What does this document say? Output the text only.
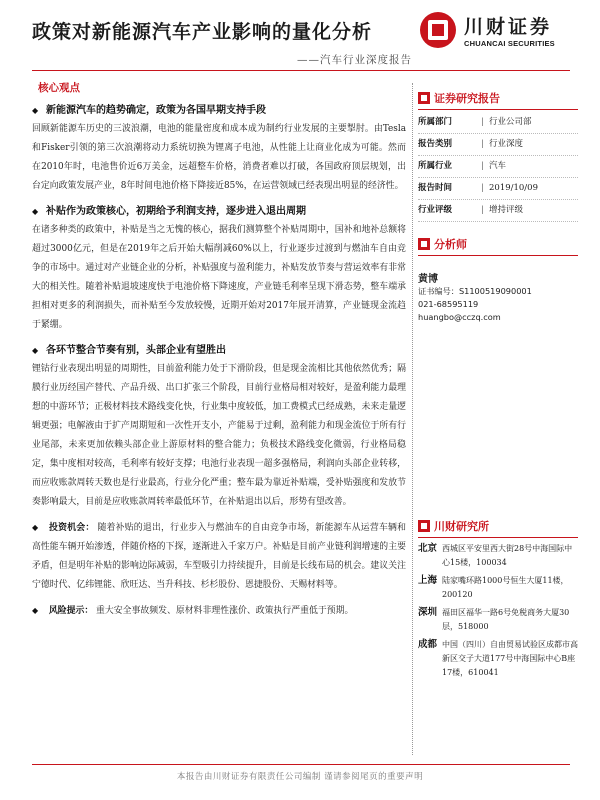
政策对新能源汽车产业影响的量化分析
——汽车行业深度报告
川财证券
CHUANCAI SECURITIES
核心观点
◆ 新能源汽车的趋势确定，政策为各国早期支持手段
回顾新能源车历史的三波浪潮，电池的能量密度和成本成为制约行业发展的主要掣肘。由Tesla和Fisker引领的第三次浪潮将动力系统切换为锂离子电池，从性能上让商业化成为可能。然而在2010年时，电池售价近6万美金，远超整车价格，消费者难以打破，各国政府顶层规划，出台定向政策发展产业，8年时间电池价格下降接近85%，在运营领域已经表现出明显的经济性。
◆ 补贴作为政策核心，初期给予利润支持，逐步进入退出周期
在诸多种类的政策中，补贴是当之无愧的核心，据我们测算整个补贴周期中，国补和地补总额将超过3000亿元，但是在2019年之后开始大幅削减60%以上，行业逐步过渡到与燃油车自由竞争的市场中。通过对产业链企业的分析，补贴强度与盈利能力，补贴发放节奏与营运效率有非常大的相关性。随着补贴退坡速度快于电池价格下降速度，产业链毛利率呈现下滑态势，整车端承担相对更多的利润损失，而补贴至今发放较慢，近期开始对2017年展开清算，产业链现金流趋于紧绷。
◆ 各环节整合节奏有别，头部企业有望胜出
锂钴行业表现出明显的周期性，目前盈利能力处于下滑阶段，但是现金流相比其他依然优秀；隔膜行业历经国产替代、产品升级、出口扩张三个阶段，目前行业格局相对较好，是盈利能力最理想的中游环节；正极材料技术路线变化快，行业集中度较低，加工费模式已经成熟，未来走量逻辑更强；电解液由于扩产周期短和一次性开支小，产能易于过剩，盈利能力和现金流位于所有行业尾部，未来更加依赖头部企业上游原材料的整合能力；负极技术路线变化微弱，行业格局稳定，集中度相对较高，毛利率有较好支撑；电池行业表现一超多强格局，利润向头部企业转移，而应收账款周转天数也是行业最高，行业分化严重；整车最为靠近补贴端，受补贴强度和发放节奏影响最大，目前是应收账款周转率最低环节，在补贴退出以后，形势有望改善。
◆ 投资机会： 随着补贴的退出，行业步入与燃油车的自由竞争市场，新能源车从运营车辆和高性能车辆开始渗透，伴随价格的下探，逐渐进入千家万户。补贴是目前产业链利润增速的主要矛盾，但是明年补贴的影响边际减弱，车型吸引力持续提升，目前是长线布局的机会。建议关注宁德时代、亿纬锂能、欣旺达、当升科技、杉杉股份、恩捷股份、天赐材料等。
◆ 风险提示： 重大安全事故频发、原材料非理性涨价、政策执行严重低于预期。
证券研究报告
所属部门	| 行业公司部
报告类别	| 行业深度
所属行业	| 汽车
报告时间	| 2019/10/09
行业评级	| 增持评级
分析师
黄博
证书编号：S1100519090001
021-68595119
huangbo@cczq.com
川财研究所
北京 西城区平安里西大街28号中海国际中心15楼，100034
上海 陆家嘴环路1000号恒生大厦11楼，200120
深圳 福田区福华一路6号免税商务大厦30层，518000
成都 中国（四川）自由贸易试验区成都市高新区交子大道177号中海国际中心B座17楼，610041
本报告由川财证券有限责任公司编制 谨请参阅尾页的重要声明
